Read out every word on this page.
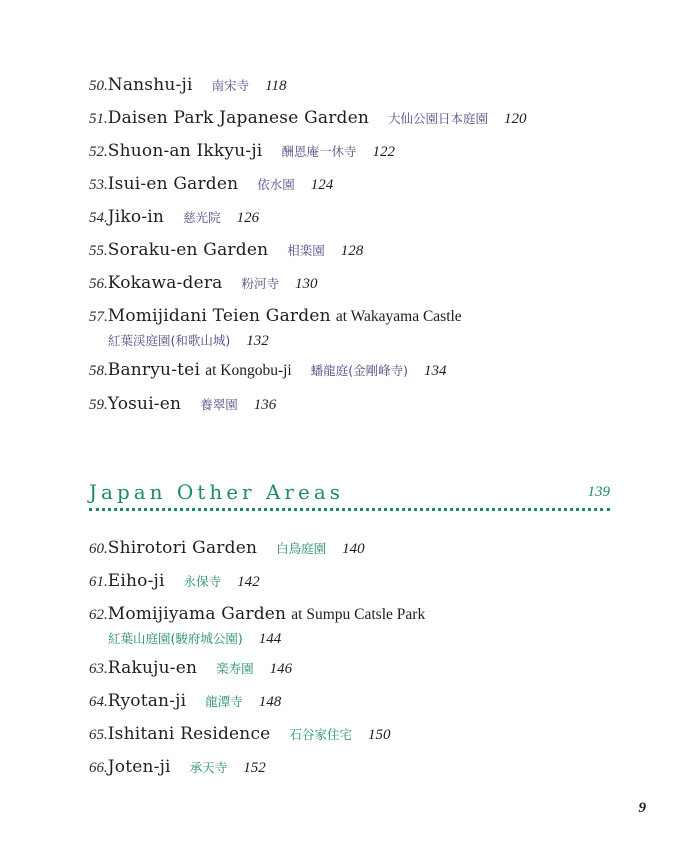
50.Nanshu-ji 南宋寺 118
51.Daisen Park Japanese Garden 大仙公園日本庭園 120
52.Shuon-an Ikkyu-ji 酬恩庵一休寺 122
53.Isui-en Garden 依水園 124
54.Jiko-in 慈光院 126
55.Soraku-en Garden 相楽園 128
56.Kokawa-dera 粉河寺 130
57.Momijidani Teien Garden at Wakayama Castle
紅葉渓庭園(和歌山城) 132
58.Banryu-tei at Kongobu-ji 蟠龍庭(金剛峰寺) 134
59.Yosui-en 養翠園 136
Japan Other Areas	139
60.Shirotori Garden 白鳥庭園 140
61.Eiho-ji 永保寺 142
62.Momijiyama Garden at Sumpu Catsle Park
紅葉山庭園(駿府城公園) 144
63.Rakuju-en 楽寿園 146
64.Ryotan-ji 龍潭寺 148
65.Ishitani Residence 石谷家住宅 150
66.Joten-ji 承天寺 152
9
